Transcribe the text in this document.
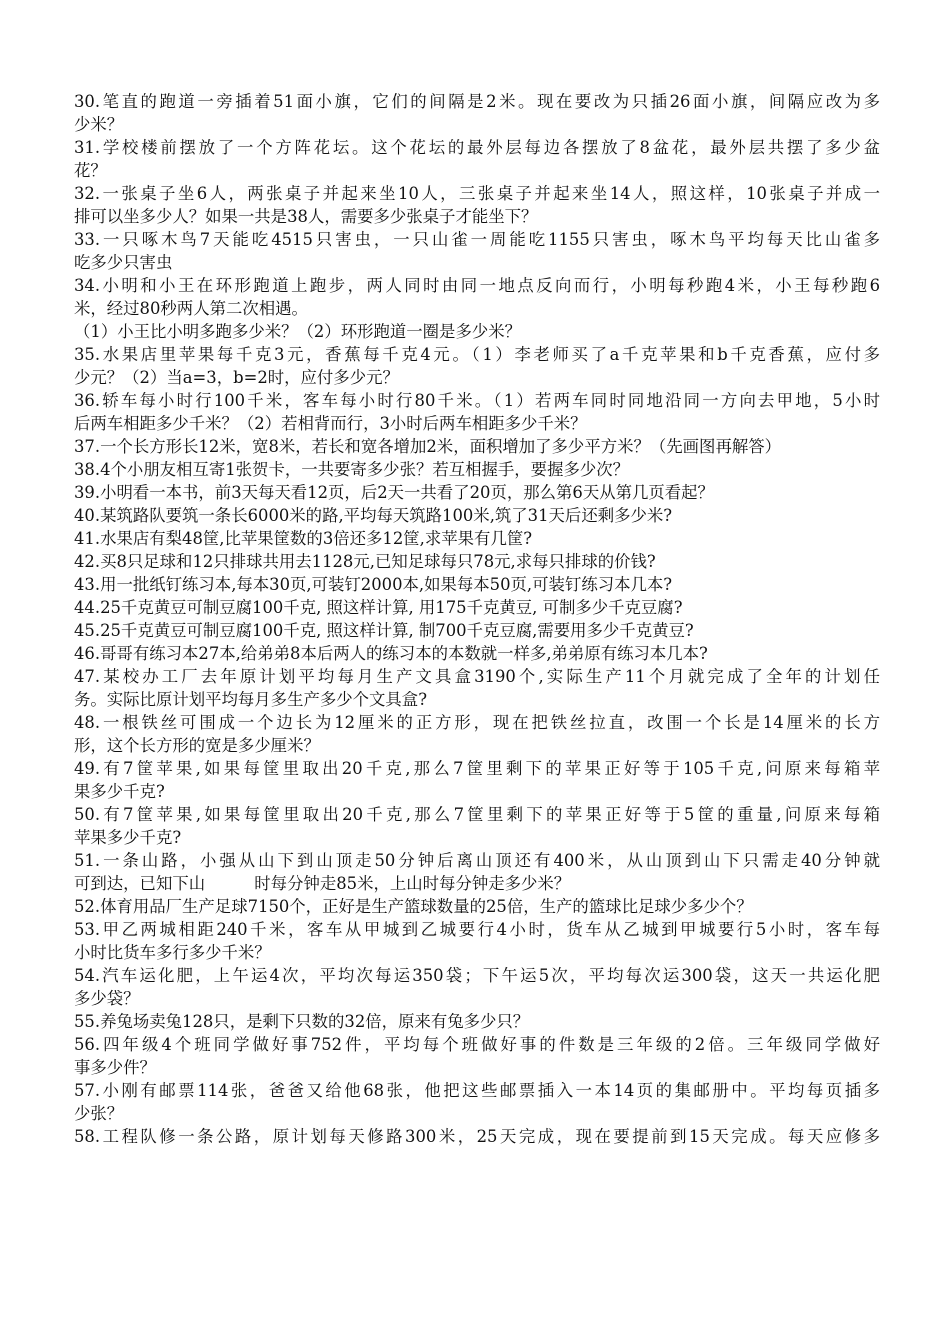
30.笔直的跑道一旁插着51面小旗，它们的间隔是2米。现在要改为只插26面小旗，间隔应改为多
少米？
31.学校楼前摆放了一个方阵花坛。这个花坛的最外层每边各摆放了8盆花，最外层共摆了多少盆
花？
32.一张桌子坐6人，两张桌子并起来坐10人，三张桌子并起来坐14人，照这样，10张桌子并成一
排可以坐多少人？如果一共是38人，需要多少张桌子才能坐下？
33.一只啄木鸟7天能吃4515只害虫，一只山雀一周能吃1155只害虫，啄木鸟平均每天比山雀多
吃多少只害虫
34.小明和小王在环形跑道上跑步，两人同时由同一地点反向而行，小明每秒跑4米，小王每秒跑6
米，经过80秒两人第二次相遇。
（1）小王比小明多跑多少米？（2）环形跑道一圈是多少米？
35.水果店里苹果每千克3元，香蕉每千克4元。（1）李老师买了a千克苹果和b千克香蕉，应付多
少元？（2）当a=3，b=2时，应付多少元？
36.轿车每小时行100千米，客车每小时行80千米。（1）若两车同时同地沿同一方向去甲地，5小时
后两车相距多少千米？（2）若相背而行，3小时后两车相距多少千米？
37.一个长方形长12米，宽8米，若长和宽各增加2米，面积增加了多少平方米？（先画图再解答）
38.4个小朋友相互寄1张贺卡，一共要寄多少张？若互相握手，要握多少次？
39.小明看一本书，前3天每天看12页，后2天一共看了20页，那么第6天从第几页看起？
40.某筑路队要筑一条长6000米的路,平均每天筑路100米,筑了31天后还剩多少米?
41.水果店有梨48筐,比苹果筐数的3倍还多12筐,求苹果有几筐?
42.买8只足球和12只排球共用去1128元,已知足球每只78元,求每只排球的价钱?
43.用一批纸钉练习本,每本30页,可装钉2000本,如果每本50页,可装钉练习本几本?
44.25千克黄豆可制豆腐100千克, 照这样计算, 用175千克黄豆, 可制多少千克豆腐?
45.25千克黄豆可制豆腐100千克, 照这样计算, 制700千克豆腐,需要用多少千克黄豆?
46.哥哥有练习本27本,给弟弟8本后两人的练习本的本数就一样多,弟弟原有练习本几本?
47.某校办工厂去年原计划平均每月生产文具盒3190个,实际生产11个月就完成了全年的计划任
务。实际比原计划平均每月多生产多少个文具盒?
48.一根铁丝可围成一个边长为12厘米的正方形，现在把铁丝拉直，改围一个长是14厘米的长方
形，这个长方形的宽是多少厘米？
49.有7筐苹果,如果每筐里取出20千克,那么7筐里剩下的苹果正好等于105千克,问原来每箱苹
果多少千克?
50.有7筐苹果,如果每筐里取出20千克,那么7筐里剩下的苹果正好等于5筐的重量,问原来每箱
苹果多少千克?
51.一条山路，小强从山下到山顶走50分钟后离山顶还有400米，从山顶到山下只需走40分钟就
可到达，已知下山　　　时每分钟走85米，上山时每分钟走多少米？
52.体育用品厂生产足球7150个，正好是生产篮球数量的25倍，生产的篮球比足球少多少个？
53.甲乙两城相距240千米，客车从甲城到乙城要行4小时，货车从乙城到甲城要行5小时，客车每
小时比货车多行多少千米？
54.汽车运化肥，上午运4次，平均次每运350袋；下午运5次，平均每次运300袋，这天一共运化肥
多少袋？
55.养兔场卖兔128只，是剩下只数的32倍，原来有兔多少只？
56.四年级4个班同学做好事752件，平均每个班做好事的件数是三年级的2倍。三年级同学做好
事多少件？
57.小刚有邮票114张，爸爸又给他68张，他把这些邮票插入一本14页的集邮册中。平均每页插多
少张？
58.工程队修一条公路，原计划每天修路300米，25天完成，现在要提前到15天完成。每天应修多
